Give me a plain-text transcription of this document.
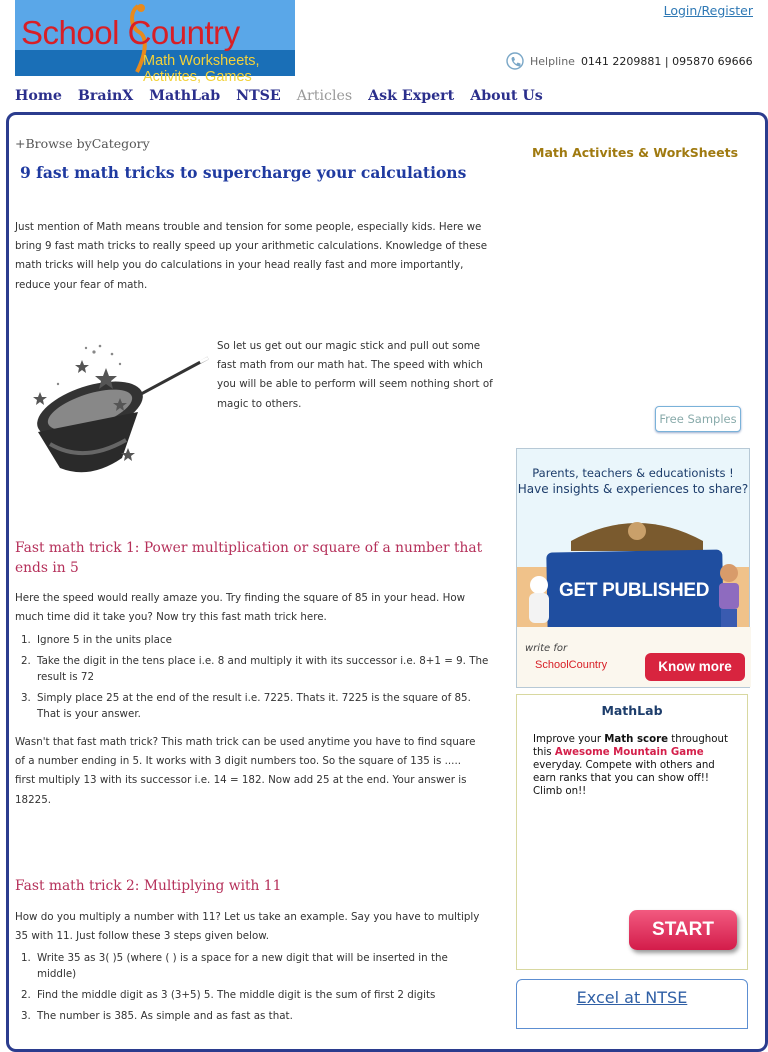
School Country
Math Worksheets, Activites, Games
Login/Register
Helpline 0141 2209881 | 095870 69666
Home BrainX MathLab NTSE Articles Ask Expert About Us
+Browse byCategory
9 fast math tricks to supercharge your calculations
Just mention of Math means trouble and tension for some people, especially kids. Here we
bring 9 fast math tricks to really speed up your arithmetic calculations. Knowledge of these
math tricks will help you do calculations in your head really fast and more importantly,
reduce your fear of math.
So let us get out our magic stick and pull out some
fast math from our math hat. The speed with which
you will be able to perform will seem nothing short of
magic to others.
Fast math trick 1: Power multiplication or square of a number that
ends in 5
Here the speed would really amaze you. Try finding the square of 85 in your head. How
much time did it take you? Now try this fast math trick here.
1. Ignore 5 in the units place
2. Take the digit in the tens place i.e. 8 and multiply it with its successor i.e. 8+1 = 9. The
result is 72
3. Simply place 25 at the end of the result i.e. 7225. Thats it. 7225 is the square of 85.
That is your answer.
Wasn't that fast math trick? This math trick can be used anytime you have to find square
of a number ending in 5. It works with 3 digit numbers too. So the square of 135 is .....
first multiply 13 with its successor i.e. 14 = 182. Now add 25 at the end. Your answer is
18225.
Fast math trick 2: Multiplying with 11
How do you multiply a number with 11? Let us take an example. Say you have to multiply
35 with 11. Just follow these 3 steps given below.
1. Write 35 as 3( )5 (where ( ) is a space for a new digit that will be inserted in the
middle)
2. Find the middle digit as 3 (3+5) 5. The middle digit is the sum of first 2 digits
3. The number is 385. As simple and as fast as that.
Math Activites & WorkSheets
Free Samples
Parents, teachers & educationists !
Have insights & experiences to share?
GET PUBLISHED
write for
SchoolCountry	Know more
MathLab
Improve your Math score throughout this Awesome Mountain Game everyday. Compete with others and earn ranks that you can show off!! Climb on!!
START
Excel at NTSE
